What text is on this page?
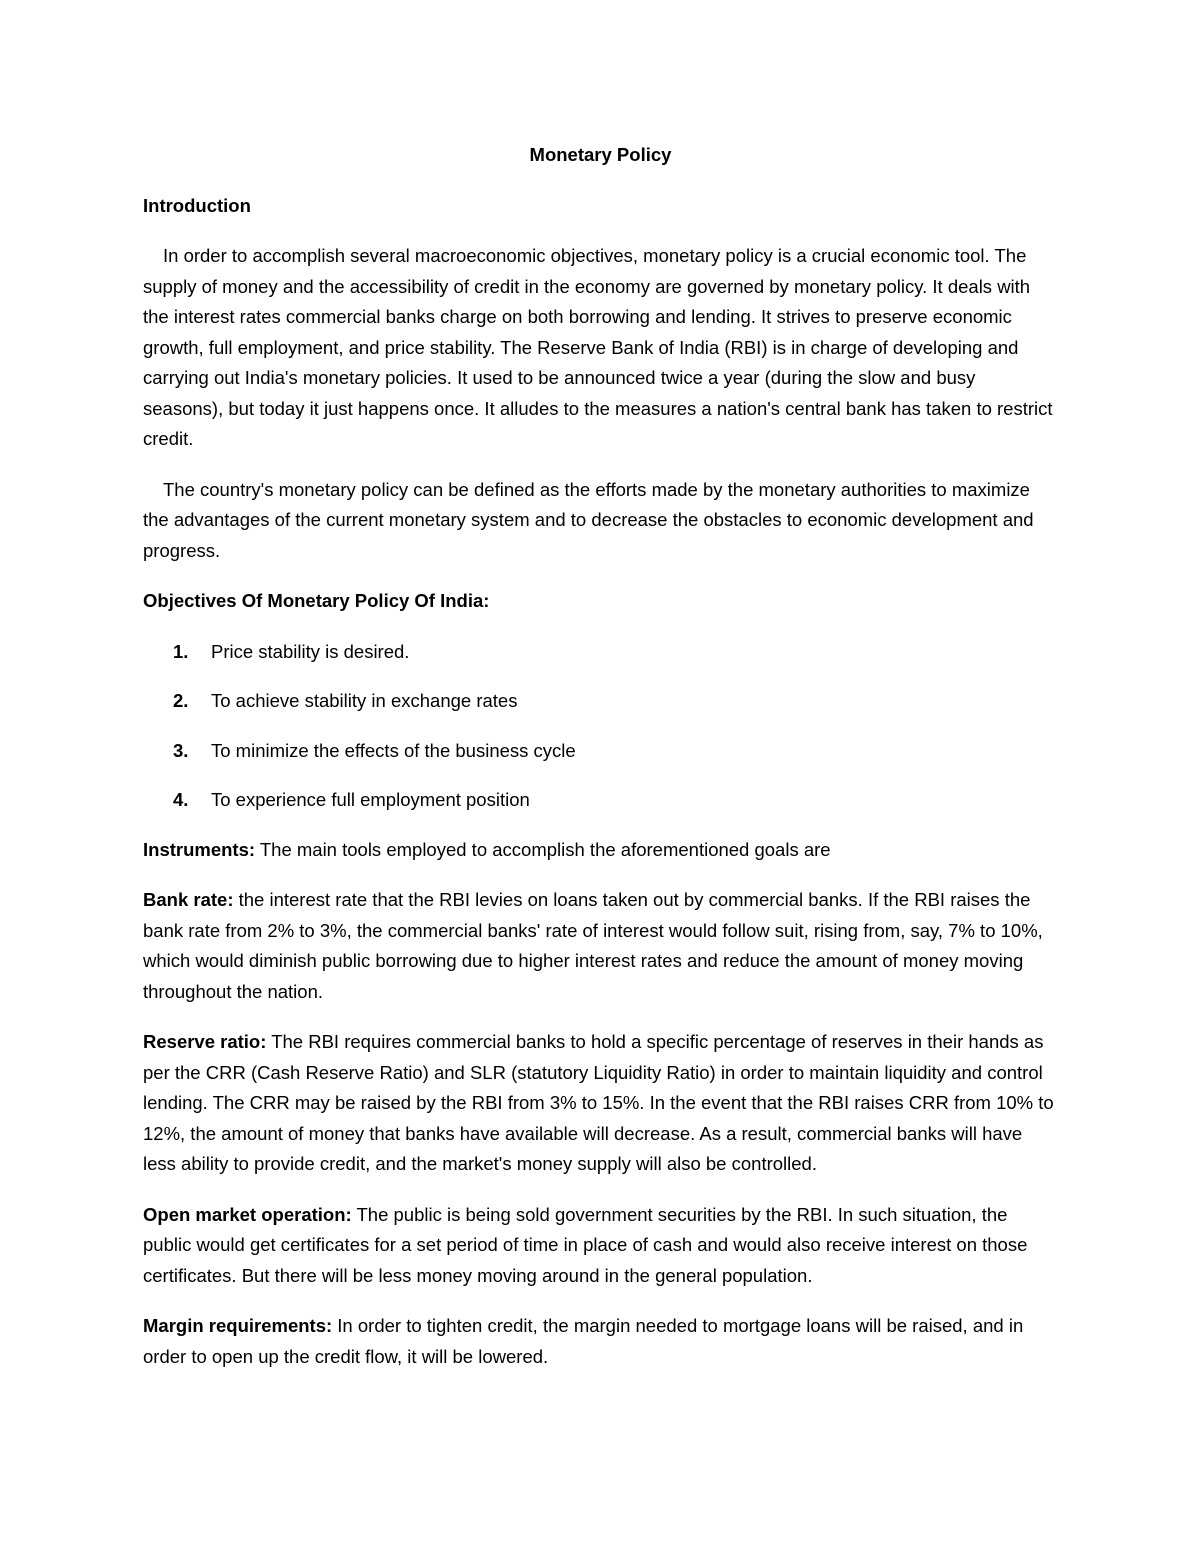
Monetary Policy
Introduction

In order to accomplish several macroeconomic objectives, monetary policy is a crucial economic tool. The supply of money and the accessibility of credit in the economy are governed by monetary policy. It deals with the interest rates commercial banks charge on both borrowing and lending. It strives to preserve economic growth, full employment, and price stability. The Reserve Bank of India (RBI) is in charge of developing and carrying out India's monetary policies. It used to be announced twice a year (during the slow and busy seasons), but today it just happens once. It alludes to the measures a nation's central bank has taken to restrict credit.

The country's monetary policy can be defined as the efforts made by the monetary authorities to maximize the advantages of the current monetary system and to decrease the obstacles to economic development and progress.

Objectives Of Monetary Policy Of India:
1.	Price stability is desired.
2.	To achieve stability in exchange rates
3.	To minimize the effects of the business cycle
4.	To experience full employment position

Instruments: The main tools employed to accomplish the aforementioned goals are

Bank rate: the interest rate that the RBI levies on loans taken out by commercial banks. If the RBI raises the bank rate from 2% to 3%, the commercial banks' rate of interest would follow suit, rising from, say, 7% to 10%, which would diminish public borrowing due to higher interest rates and reduce the amount of money moving throughout the nation.

Reserve ratio: The RBI requires commercial banks to hold a specific percentage of reserves in their hands as per the CRR (Cash Reserve Ratio) and SLR (statutory Liquidity Ratio) in order to maintain liquidity and control lending. The CRR may be raised by the RBI from 3% to 15%. In the event that the RBI raises CRR from 10% to 12%, the amount of money that banks have available will decrease. As a result, commercial banks will have less ability to provide credit, and the market's money supply will also be controlled.

Open market operation: The public is being sold government securities by the RBI. In such situation, the public would get certificates for a set period of time in place of cash and would also receive interest on those certificates. But there will be less money moving around in the general population.

Margin requirements: In order to tighten credit, the margin needed to mortgage loans will be raised, and in order to open up the credit flow, it will be lowered.
